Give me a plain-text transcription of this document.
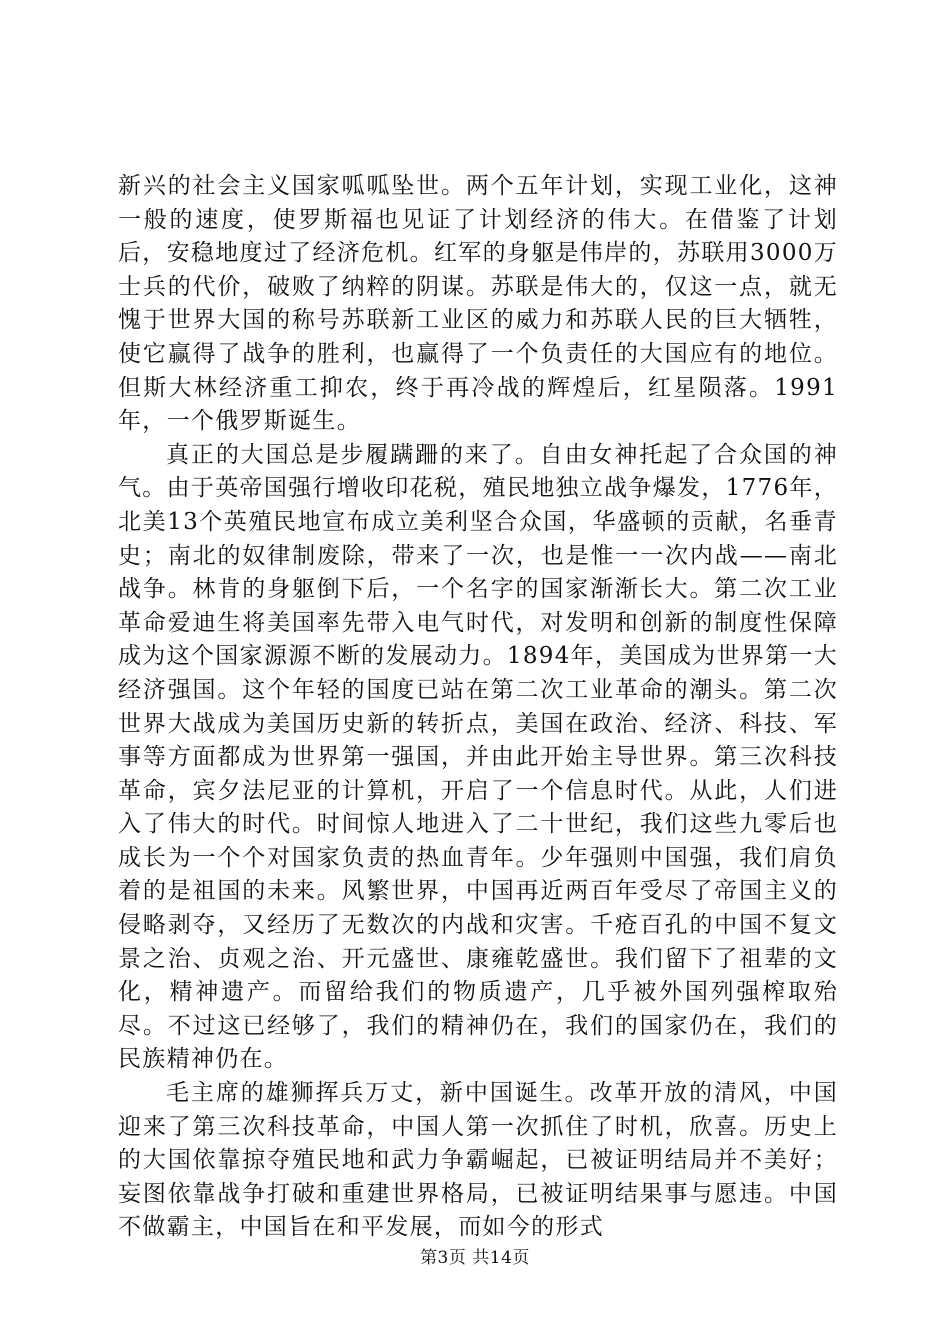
新兴的社会主义国家呱呱坠世。两个五年计划，实现工业化，这神一般的速度，使罗斯福也见证了计划经济的伟大。在借鉴了计划后，安稳地度过了经济危机。红军的身躯是伟岸的，苏联用3000万士兵的代价，破败了纳粹的阴谋。苏联是伟大的，仅这一点，就无愧于世界大国的称号苏联新工业区的威力和苏联人民的巨大牺牲，使它赢得了战争的胜利，也赢得了一个负责任的大国应有的地位。但斯大林经济重工抑农，终于再冷战的辉煌后，红星陨落。1991年，一个俄罗斯诞生。

真正的大国总是步履蹒跚的来了。自由女神托起了合众国的神气。由于英帝国强行增收印花税，殖民地独立战争爆发，1776年，北美13个英殖民地宣布成立美利坚合众国，华盛顿的贡献，名垂青史；南北的奴律制废除，带来了一次，也是惟一一次内战——南北战争。林肯的身躯倒下后，一个名字的国家渐渐长大。第二次工业革命爱迪生将美国率先带入电气时代，对发明和创新的制度性保障成为这个国家源源不断的发展动力。1894年，美国成为世界第一大经济强国。这个年轻的国度已站在第二次工业革命的潮头。第二次世界大战成为美国历史新的转折点，美国在政治、经济、科技、军事等方面都成为世界第一强国，并由此开始主导世界。第三次科技革命，宾夕法尼亚的计算机，开启了一个信息时代。从此，人们进入了伟大的时代。时间惊人地进入了二十世纪，我们这些九零后也成长为一个个对国家负责的热血青年。少年强则中国强，我们肩负着的是祖国的未来。风繁世界，中国再近两百年受尽了帝国主义的侵略剥夺，又经历了无数次的内战和灾害。千疮百孔的中国不复文景之治、贞观之治、开元盛世、康雍乾盛世。我们留下了祖辈的文化，精神遗产。而留给我们的物质遗产，几乎被外国列强榨取殆尽。不过这已经够了，我们的精神仍在，我们的国家仍在，我们的民族精神仍在。

毛主席的雄狮挥兵万丈，新中国诞生。改革开放的清风，中国迎来了第三次科技革命，中国人第一次抓住了时机，欣喜。历史上的大国依靠掠夺殖民地和武力争霸崛起，已被证明结局并不美好；妄图依靠战争打破和重建世界格局，已被证明结果事与愿违。中国不做霸主，中国旨在和平发展，而如今的形式

第3页 共14页
